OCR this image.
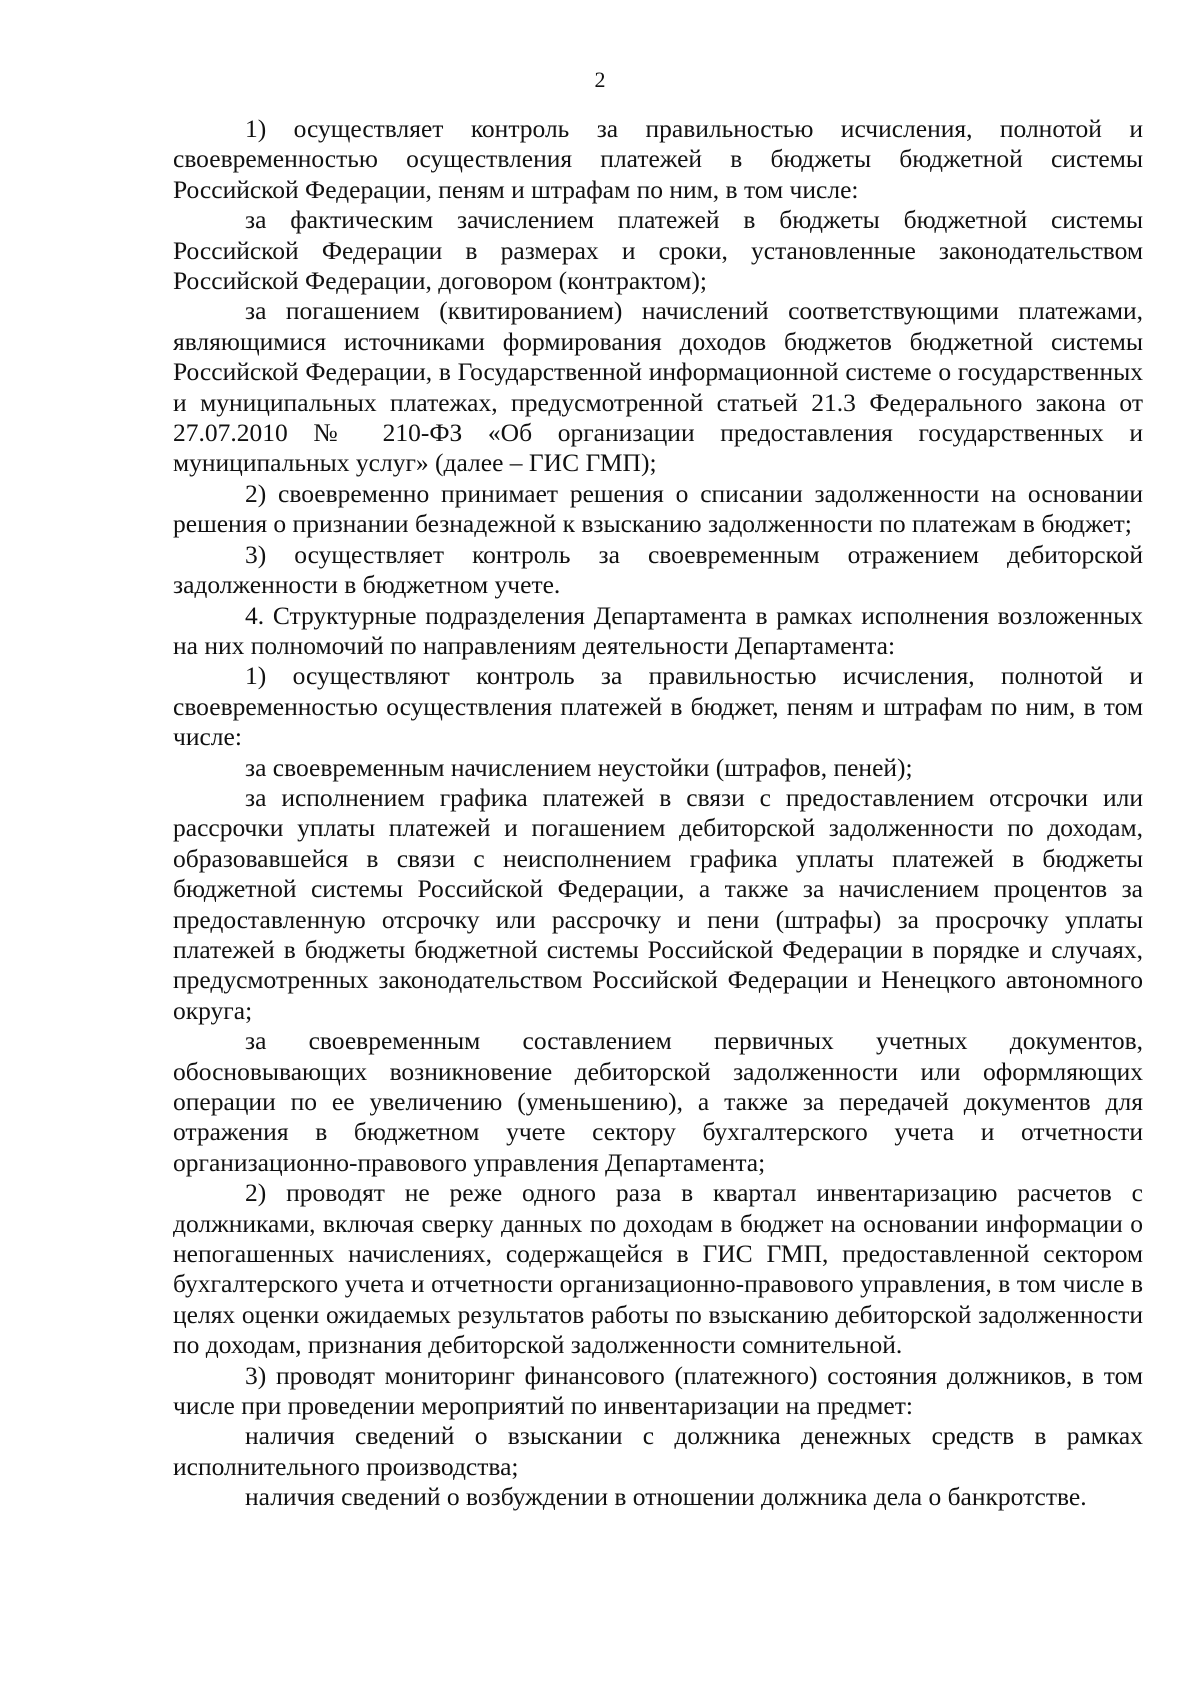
2

1) осуществляет контроль за правильностью исчисления, полнотой и своевременностью осуществления платежей в бюджеты бюджетной системы Российской Федерации, пеням и штрафам по ним, в том числе:

за фактическим зачислением платежей в бюджеты бюджетной системы Российской Федерации в размерах и сроки, установленные законодательством Российской Федерации, договором (контрактом);

за погашением (квитированием) начислений соответствующими платежами, являющимися источниками формирования доходов бюджетов бюджетной системы Российской Федерации, в Государственной информационной системе о государственных и муниципальных платежах, предусмотренной статьей 21.3 Федерального закона от 27.07.2010 № 210-ФЗ «Об организации предоставления государственных и муниципальных услуг» (далее – ГИС ГМП);

2) своевременно принимает решения о списании задолженности на основании решения о признании безнадежной к взысканию задолженности по платежам в бюджет;

3) осуществляет контроль за своевременным отражением дебиторской задолженности в бюджетном учете.

4. Структурные подразделения Департамента в рамках исполнения возложенных на них полномочий по направлениям деятельности Департамента:

1) осуществляют контроль за правильностью исчисления, полнотой и своевременностью осуществления платежей в бюджет, пеням и штрафам по ним, в том числе:

за своевременным начислением неустойки (штрафов, пеней);

за исполнением графика платежей в связи с предоставлением отсрочки или рассрочки уплаты платежей и погашением дебиторской задолженности по доходам, образовавшейся в связи с неисполнением графика уплаты платежей в бюджеты бюджетной системы Российской Федерации, а также за начислением процентов за предоставленную отсрочку или рассрочку и пени (штрафы) за просрочку уплаты платежей в бюджеты бюджетной системы Российской Федерации в порядке и случаях, предусмотренных законодательством Российской Федерации и Ненецкого автономного округа;

за своевременным составлением первичных учетных документов, обосновывающих возникновение дебиторской задолженности или оформляющих операции по ее увеличению (уменьшению), а также за передачей документов для отражения в бюджетном учете сектору бухгалтерского учета и отчетности организационно-правового управления Департамента;

2) проводят не реже одного раза в квартал инвентаризацию расчетов с должниками, включая сверку данных по доходам в бюджет на основании информации о непогашенных начислениях, содержащейся в ГИС ГМП, предоставленной сектором бухгалтерского учета и отчетности организационно-правового управления, в том числе в целях оценки ожидаемых результатов работы по взысканию дебиторской задолженности по доходам, признания дебиторской задолженности сомнительной.

3) проводят мониторинг финансового (платежного) состояния должников, в том числе при проведении мероприятий по инвентаризации на предмет:

наличия сведений о взыскании с должника денежных средств в рамках исполнительного производства;

наличия сведений о возбуждении в отношении должника дела о банкротстве.
